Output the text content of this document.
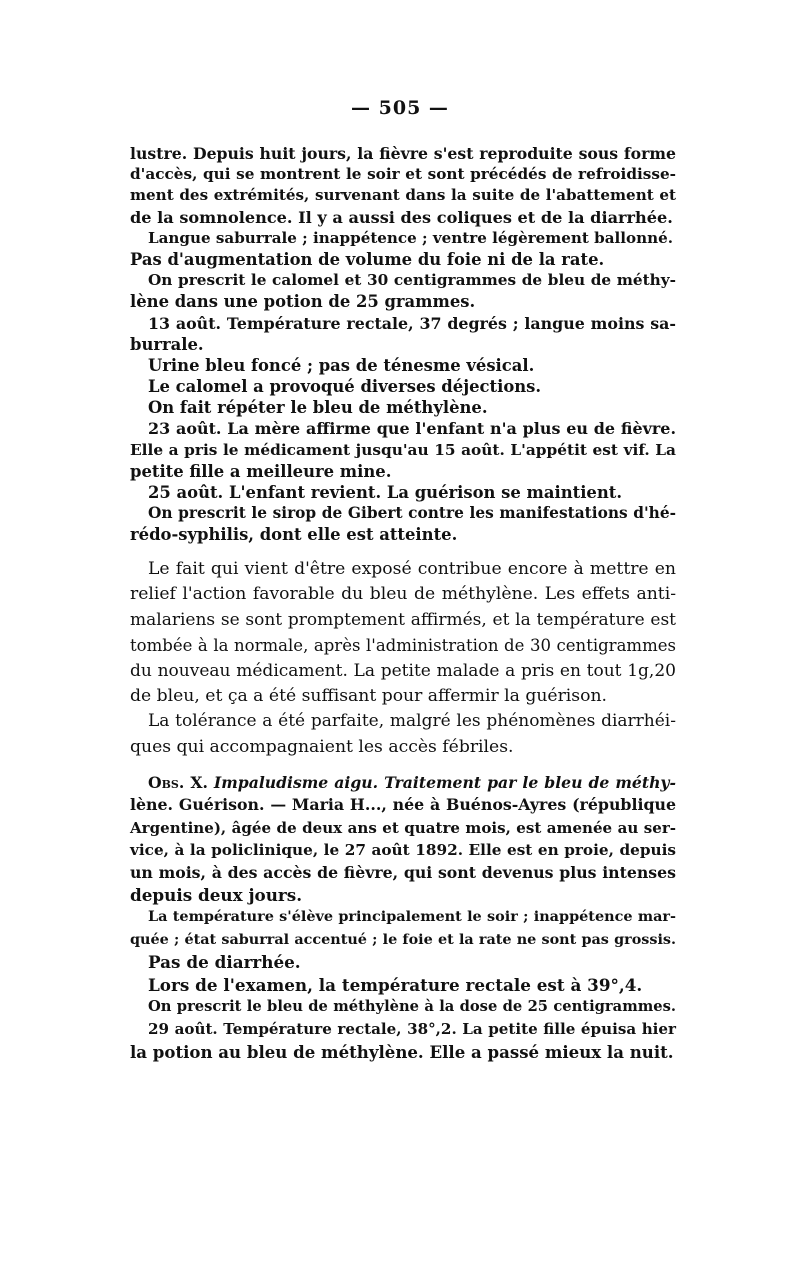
— 505 —
lustre. Depuis huit jours, la fièvre s'est reproduite sous forme
d'accès, qui se montrent le soir et sont précédés de refroidisse-
ment des extrémités, survenant dans la suite de l'abattement et
de la somnolence. Il y a aussi des coliques et de la diarrhée.
Langue saburrale ; inappétence ; ventre légèrement ballonné.
Pas d'augmentation de volume du foie ni de la rate.
On prescrit le calomel et 30 centigrammes de bleu de méthy-
lène dans une potion de 25 grammes.
13 août. Température rectale, 37 degrés ; langue moins sa-
burrale.
Urine bleu foncé ; pas de ténesme vésical.
Le calomel a provoqué diverses déjections.
On fait répéter le bleu de méthylène.
23 août. La mère affirme que l'enfant n'a plus eu de fièvre.
Elle a pris le médicament jusqu'au 15 août. L'appétit est vif. La
petite fille a meilleure mine.
25 août. L'enfant revient. La guérison se maintient.
On prescrit le sirop de Gibert contre les manifestations d'hé-
rédo-syphilis, dont elle est atteinte.
Le fait qui vient d'être exposé contribue encore à mettre en
relief l'action favorable du bleu de méthylène. Les effets anti-
malariens se sont promptement affirmés, et la température est
tombée à la normale, après l'administration de 30 centigrammes
du nouveau médicament. La petite malade a pris en tout 1g,20
de bleu, et ça a été suffisant pour affermir la guérison.
La tolérance a été parfaite, malgré les phénomènes diarrhéi-
ques qui accompagnaient les accès fébriles.
Obs. X. Impaludisme aigu. Traitement par le bleu de méthy-
lène. Guérison. — Maria H..., née à Buénos-Ayres (république
Argentine), âgée de deux ans et quatre mois, est amenée au ser-
vice, à la policlinique, le 27 août 1892. Elle est en proie, depuis
un mois, à des accès de fièvre, qui sont devenus plus intenses
depuis deux jours.
La température s'élève principalement le soir ; inappétence mar-
quée ; état saburral accentué ; le foie et la rate ne sont pas grossis.
Pas de diarrhée.
Lors de l'examen, la température rectale est à 39°,4.
On prescrit le bleu de méthylène à la dose de 25 centigrammes.
29 août. Température rectale, 38°,2. La petite fille épuisa hier
la potion au bleu de méthylène. Elle a passé mieux la nuit.
